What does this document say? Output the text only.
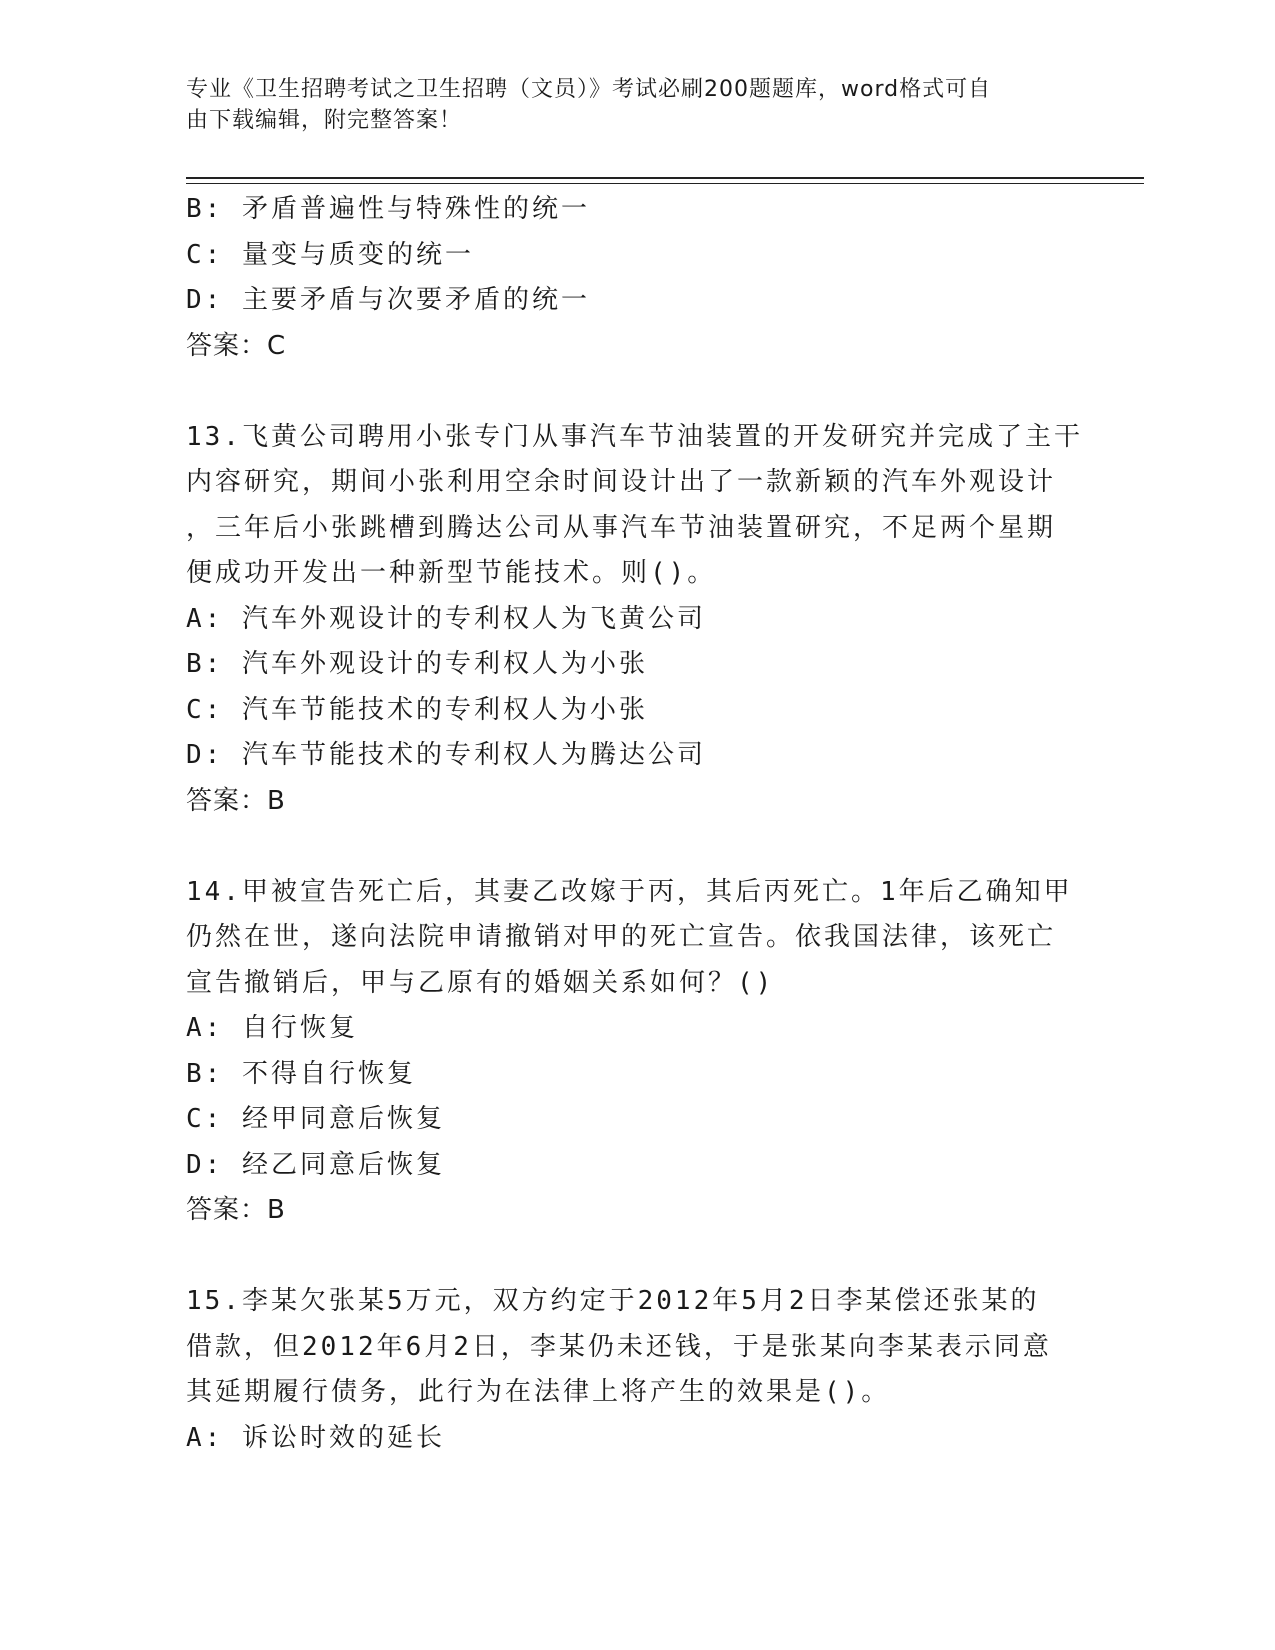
专业《卫生招聘考试之卫生招聘（文员）》考试必刷200题题库，word格式可自
由下载编辑，附完整答案！
B: 矛盾普遍性与特殊性的统一
C: 量变与质变的统一
D: 主要矛盾与次要矛盾的统一
答案：C
13.飞黄公司聘用小张专门从事汽车节油装置的开发研究并完成了主干
内容研究，期间小张利用空余时间设计出了一款新颖的汽车外观设计
，三年后小张跳槽到腾达公司从事汽车节油装置研究，不足两个星期
便成功开发出一种新型节能技术。则()。
A: 汽车外观设计的专利权人为飞黄公司
B: 汽车外观设计的专利权人为小张
C: 汽车节能技术的专利权人为小张
D: 汽车节能技术的专利权人为腾达公司
答案：B
14.甲被宣告死亡后，其妻乙改嫁于丙，其后丙死亡。1年后乙确知甲
仍然在世，遂向法院申请撤销对甲的死亡宣告。依我国法律，该死亡
宣告撤销后，甲与乙原有的婚姻关系如何？()
A: 自行恢复
B: 不得自行恢复
C: 经甲同意后恢复
D: 经乙同意后恢复
答案：B
15.李某欠张某5万元，双方约定于2012年5月2日李某偿还张某的
借款，但2012年6月2日，李某仍未还钱，于是张某向李某表示同意
其延期履行债务，此行为在法律上将产生的效果是()。
A: 诉讼时效的延长
